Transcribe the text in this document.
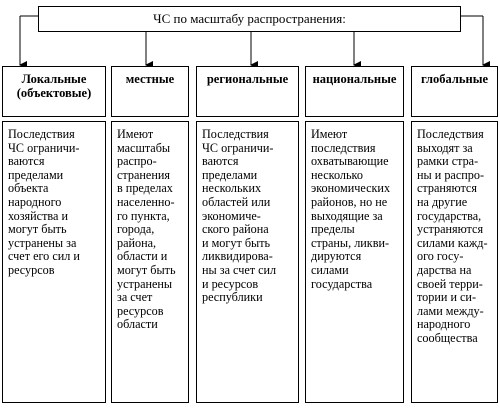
ЧС по масштабу распространения:
Локальные
(объектовые)
Последствия
ЧС ограничи-
ваются
пределами
объекта
народного
хозяйства и
могут быть
устранены за
счет его сил и
ресурсов
местные
Имеют
масштабы
распро-
странения
в пределах
населенно-
го пункта,
города,
района,
области и
могут быть
устранены
за счет
ресурсов
области
региональные
Последствия
ЧС ограничи-
ваются
пределами
нескольких
областей или
экономиче-
ского района
и могут быть
ликвидирова-
ны за счет сил
и ресурсов
республики
национальные
Имеют
последствия
охватывающие
несколько
экономических
районов, но не
выходящие за
пределы
страны, ликви-
дируются
силами
государства
глобальные
Последствия
выходят за
рамки стра-
ны и распро-
страняются
на другие
государства,
устраняются
силами кажд-
ого госу-
дарства на
своей терри-
тории и си-
лами между-
народного
сообщества
